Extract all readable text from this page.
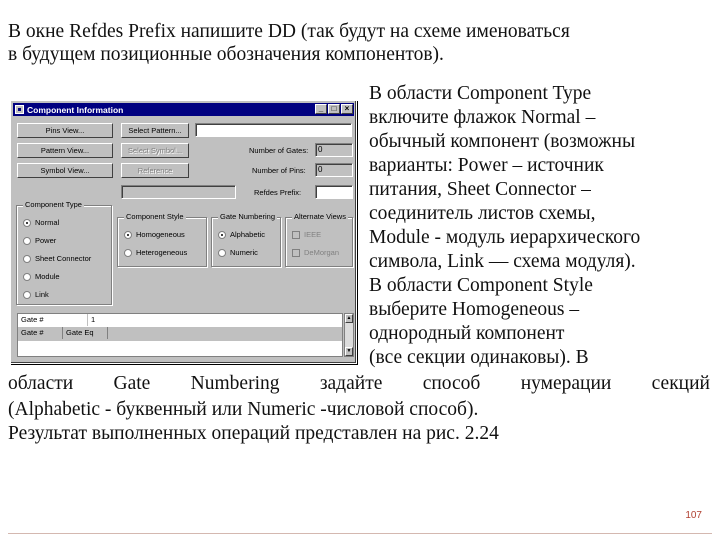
В окне Refdes Prefix напишите DD (так будут на схеме именоваться
в будущем позиционные обозначения компонентов).
В области Component Type
включите флажок Normal –
обычный компонент (возможны
варианты: Power – источник
питания, Sheet Connector –
соединитель листов схемы,
Module - модуль иерархического
символа, Link — схема модуля).
В области Component Style
выберите Homogeneous –
однородный компонент
(все секции одинаковы). В
области Gate Numbering задайте способ нумерации секций
(Alphabetic - буквенный или Numeric -числовой способ).
Результат выполненных операций представлен на рис. 2.24
107
Component Information	_	□	×
Pins View...
Pattern View...
Symbol View...
Select Pattern...
Select Symbol...
Reference
Number of Gates:	0
Number of Pins:	0
Refdes Prefix:
Component Type
Normal
Power
Sheet Connector
Module
Link
Component Style
Homogeneous
Heterogeneous
Gate Numbering
Alphabetic
Numeric
Alternate Views
IEEE
DeMorgan
Gate #	1
Gate #	Gate Eq
▲
▼
